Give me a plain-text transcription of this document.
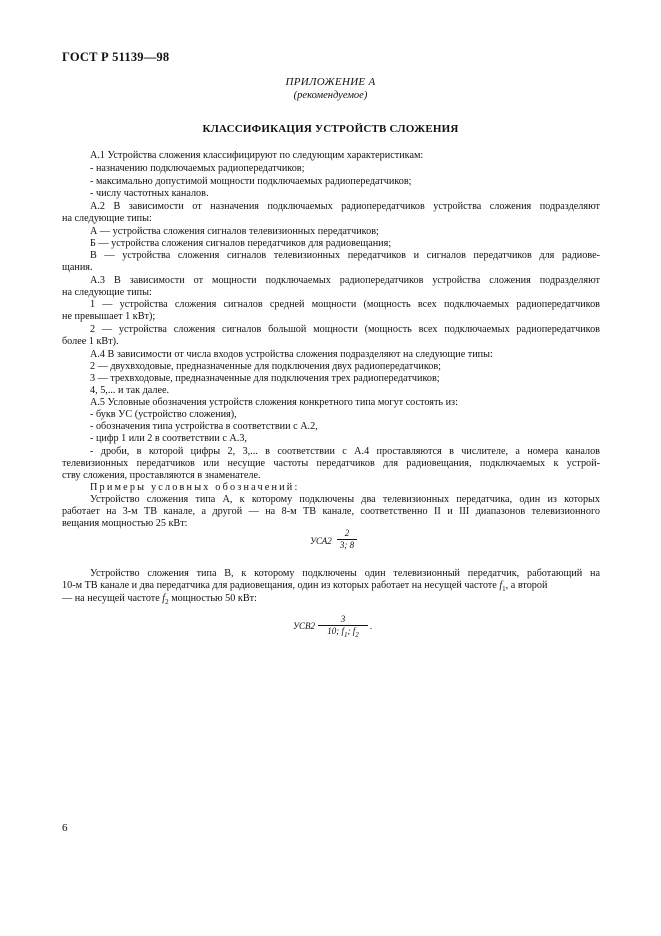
ГОСТ Р 51139—98
ПРИЛОЖЕНИЕ А
(рекомендуемое)
КЛАССИФИКАЦИЯ УСТРОЙСТВ СЛОЖЕНИЯ
А.1 Устройства сложения классифицируют по следующим характеристикам:
- назначению подключаемых радиопередатчиков;
- максимально допустимой мощности подключаемых радиопередатчиков;
- числу частотных каналов.
А.2 В зависимости от назначения подключаемых радиопередатчиков устройства сложения подразделяют
на следующие типы:
А — устройства сложения сигналов телевизионных передатчиков;
Б — устройства сложения сигналов передатчиков для радиовещания;
В — устройства сложения сигналов телевизионных передатчиков и сигналов передатчиков для радиове-
щания.
А.3 В зависимости от мощности подключаемых радиопередатчиков устройства сложения подразделяют
на следующие типы:
1 — устройства сложения сигналов средней мощности (мощность всех подключаемых радиопередатчиков
не превышает 1 кВт);
2 — устройства сложения сигналов большой мощности (мощность всех подключаемых радиопередатчиков
более 1 кВт).
А.4 В зависимости от числа входов устройства сложения подразделяют на следующие типы:
2 — двухвходовые, предназначенные для подключения двух радиопередатчиков;
3 — трехвходовые, предназначенные для подключения трех радиопередатчиков;
4, 5,... и так далее.
А.5 Условные обозначения устройств сложения конкретного типа могут состоять из:
- букв УС (устройство сложения),
- обозначения типа устройства в соответствии с А.2,
- цифр 1 или 2 в соответствии с А.3,
- дроби, в которой цифры 2, 3,... в соответствии с А.4 проставляются в числителе, а номера каналов
телевизионных передатчиков или несущие частоты передатчиков для радиовещания, подключаемых к устрой-
ству сложения, проставляются в знаменателе.
Примеры условных обозначений:
Устройство сложения типа А, к которому подключены два телевизионных передатчика, один из которых
работает на 3-м ТВ канале, а другой — на 8-м ТВ канале, соответственно II и III диапазонов телевизионного
вещания мощностью 25 кВт:
УСА2
2
3; 8
Устройство сложения типа В, к которому подключены один телевизионный передатчик, работающий на
10-м ТВ канале и два передатчика для радиовещания, один из которых работает на несущей частоте $f_1$, а второй
— на несущей частоте $f_2$ мощностью 50 кВт:
УСВ2
3
10; $f_1$; $f_2$
.
6
